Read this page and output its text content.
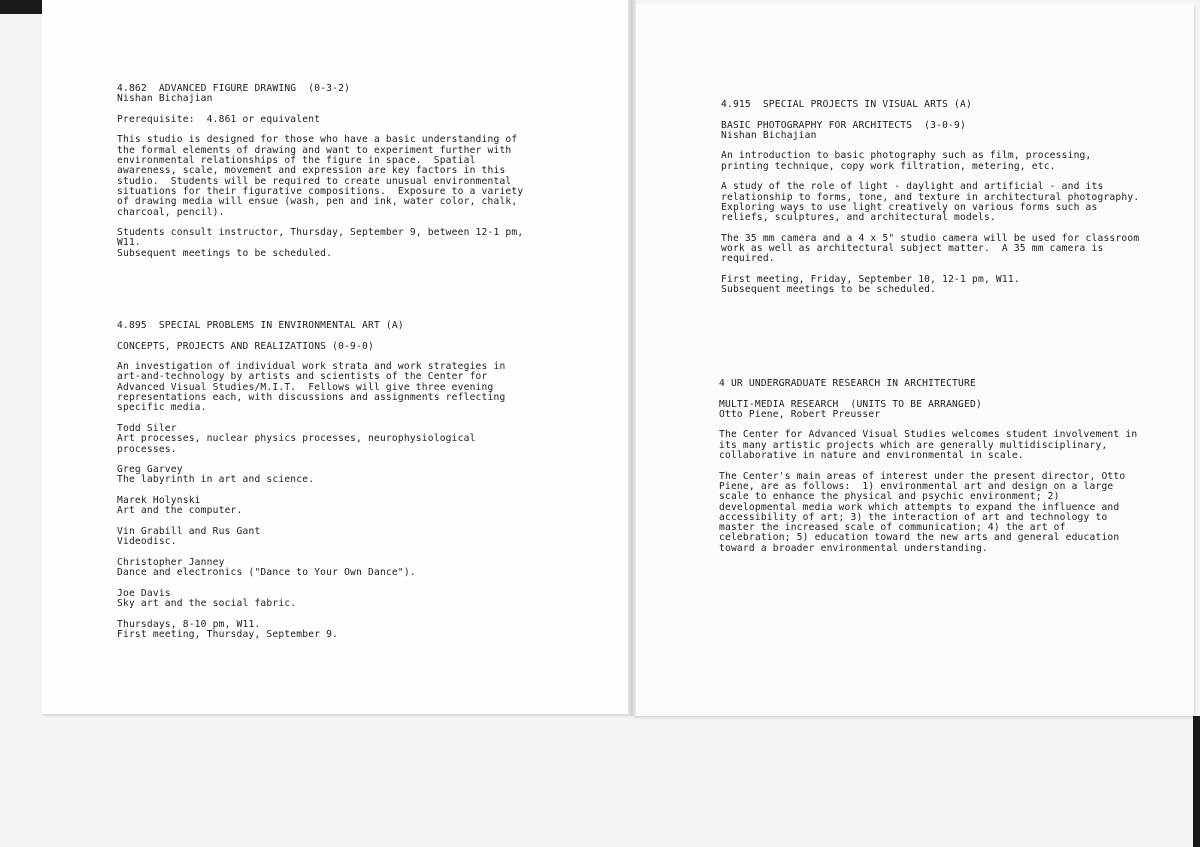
4.862  ADVANCED FIGURE DRAWING  (0-3-2)

Nishan Bichajian

Prerequisite:  4.861 or equivalent

This studio is designed for those who have a basic understanding of
the formal elements of drawing and want to experiment further with
environmental relationships of the figure in space.  Spatial
awareness, scale, movement and expression are key factors in this
studio.  Students will be required to create unusual environmental
situations for their figurative compositions.  Exposure to a variety
of drawing media will ensue (wash, pen and ink, water color, chalk,
charcoal, pencil).

Students consult instructor, Thursday, September 9, between 12-1 pm,
W11.

Subsequent meetings to be scheduled.

4.895  SPECIAL PROBLEMS IN ENVIRONMENTAL ART (A)

CONCEPTS, PROJECTS AND REALIZATIONS (0-9-0)

An investigation of individual work strata and work strategies in
art-and-technology by artists and scientists of the Center for
Advanced Visual Studies/M.I.T.  Fellows will give three evening
representations each, with discussions and assignments reflecting
specific media.

Todd Siler

Art processes, nuclear physics processes, neurophysiological
processes.

Greg Garvey

The labyrinth in art and science.

Marek Holynski

Art and the computer.

Vin Grabill and Rus Gant

Videodisc.

Christopher Janney

Dance and electronics ("Dance to Your Own Dance").

Joe Davis

Sky art and the social fabric.

Thursdays, 8-10 pm, W11.

First meeting, Thursday, September 9.

4.915  SPECIAL PROJECTS IN VISUAL ARTS (A)

BASIC PHOTOGRAPHY FOR ARCHITECTS  (3-0-9)

Nishan Bichajian

An introduction to basic photography such as film, processing,
printing technique, copy work filtration, metering, etc.

A study of the role of light - daylight and artificial - and its
relationship to forms, tone, and texture in architectural photography.
Exploring ways to use light creatively on various forms such as
reliefs, sculptures, and architectural models.

The 35 mm camera and a 4 x 5" studio camera will be used for classroom
work as well as architectural subject matter.  A 35 mm camera is
required.

First meeting, Friday, September 10, 12-1 pm, W11.

Subsequent meetings to be scheduled.

4 UR UNDERGRADUATE RESEARCH IN ARCHITECTURE

MULTI-MEDIA RESEARCH  (UNITS TO BE ARRANGED)

Otto Piene, Robert Preusser

The Center for Advanced Visual Studies welcomes student involvement in
its many artistic projects which are generally multidisciplinary,
collaborative in nature and environmental in scale.

The Center's main areas of interest under the present director, Otto
Piene, are as follows:  1) environmental art and design on a large
scale to enhance the physical and psychic environment; 2)
developmental media work which attempts to expand the influence and
accessibility of art; 3) the interaction of art and technology to
master the increased scale of communication; 4) the art of
celebration; 5) education toward the new arts and general education
toward a broader environmental understanding.
